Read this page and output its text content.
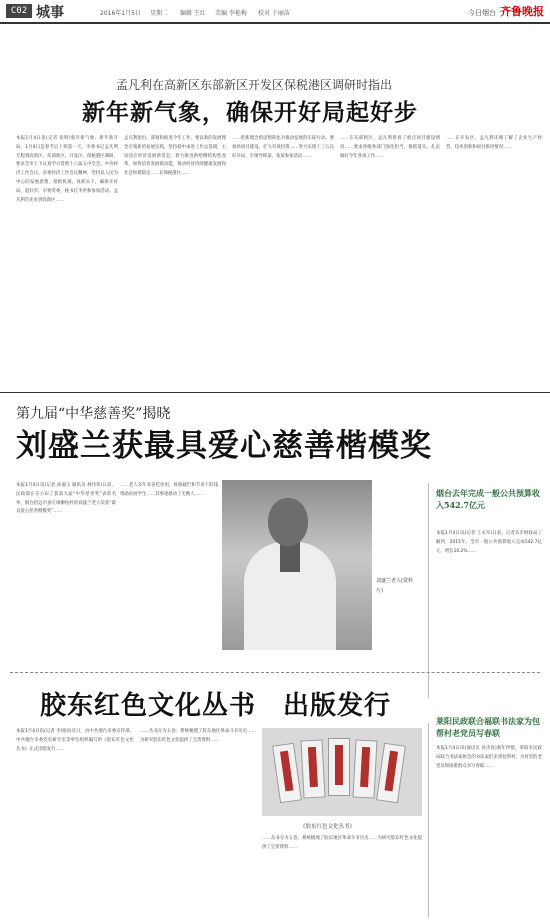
C02 城事	2016年1月5日 星期二 编辑 王红 美编 李艳梅 校对 于丽洁	今日烟台 齐鲁晚报
孟凡利在高新区东部新区开发区保税港区调研时指出
新年新气象，确保开好局起好步
本报1月4日讯(记者 张明)新年新气象，新年新开局，1月4日是春节后上班第一天，市委书记孟凡利专程到高新区、东部新区、开发区、保税港区调研，要求全市上下认真学习贯彻十八届五中全会、中央经济工作会议、省委经济工作会议精神，坚持以人民为中心的发展思想，抢抓机遇，真抓实干，确保开好局、起好步。市委常委、秘书长李洪和参加活动。孟凡利首先来到高新区……
孟凡利指出，谋划和推进今年工作，要以新的发展理念引领新的发展实践，坚持稳中求进工作总基调，主动适应经济发展新常态，着力推进供给侧结构性改革，加快培育发展新动能，推动经济持续健康发展和社会和谐稳定……在保税港区……
……把新理念新思想转化为推动发展的实际行动。要加快项目建设，扩大有效投资……努力实现十三五良好开局。市领导韩某、张某参加活动……
……在东部新区，孟凡利察看了重点项目建设情况……要求各级各部门强化担当，狠抓落实，扎实做好今年各项工作……
……在开发区，孟凡利详细了解了企业生产经营、技术创新和项目推进情况……
第九届“中华慈善奖”揭晓
刘盛兰获最具爱心慈善楷模奖
本报1月4日讯(记者 孙淑玉 通讯员 林伟伟)日前，民政部在京公布了获第九届“中华慈善奖”表彰名单，烟台招远市蚕庄镇柳杭村的刘盛兰老人荣获“最具爱心慈善楷模奖”……
……老人多年来省吃俭用，将收破烂和节省下的钱资助贫困学生……其事迹感动了无数人……
刘盛兰老人(资料片)
烟台去年完成一般公共预算收入542.7亿元
本报1月4日讯(记者 王永军)日前，记者从市财政局了解到，2015年，全市一般公共预算收入完成542.7亿元，增长10.2%……
胶东红色文化丛书　出版发行
本报1月4日讯(记者 李园园)近日，由中共烟台市委宣传部、中共烟台市委党史研究室等单位组织编写的《胶东红色文化丛书》正式出版发行……
……丛书分为五卷，系统梳理了胶东地区革命斗争历史……为研究胶东红色文化提供了宝贵资料……
《胶东红色文化丛书》
……丛书分为五卷，系统梳理了胶东地区革命斗争历史……为研究胶东红色文化提供了宝贵资料……
莱阳民政联合福联书法家为包帮村老党员写春联
本报1月4日讯(通讯员 孙杰涛)新年伊始，莱阳市民政局联合书法家协会的书法家们来到包帮村，为村里的老党员和困难群众书写春联……
